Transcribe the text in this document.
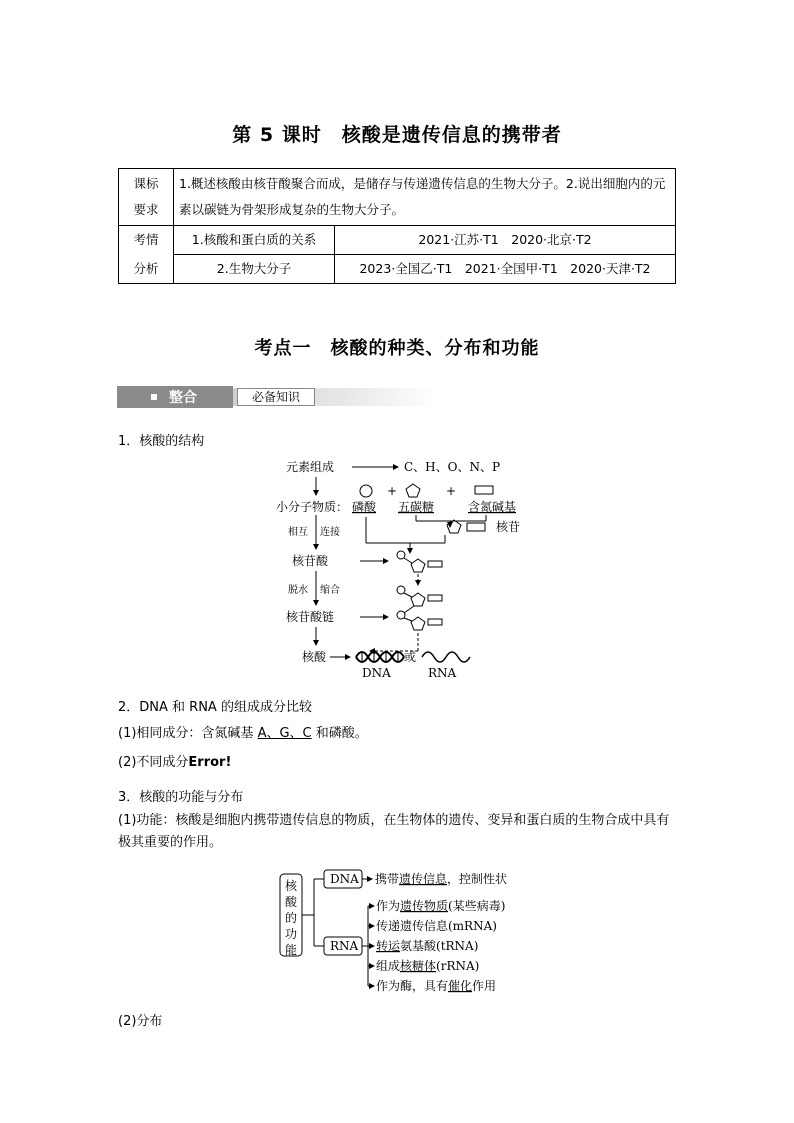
第 5 课时　核酸是遗传信息的携带者
课标
要求	1.概述核酸由核苷酸聚合而成，是储存与传递遗传信息的生物大分子。2.说出细胞内的元素以碳链为骨架形成复杂的生物大分子。	
考情	1.核酸和蛋白质的关系	2021·江苏·T1　2020·北京·T2
分析	2.生物大分子	2023·全国乙·T1　2021·全国甲·T1　2020·天津·T2
考点一　核酸的种类、分布和功能
整合	必备知识
1．核酸的结构
元素组成	C、H、O、N、P
+	+
小分子物质： 磷酸 五碳糖	含氮碱基
核苷
相互 连接
核苷酸
脱水 缩合
核苷酸链
核酸	或
DNA	RNA
2．DNA 和 RNA 的组成成分比较
(1)相同成分：含氮碱基 A、G、C 和磷酸。
(2)不同成分Error!
3．核酸的功能与分布
(1)功能：核酸是细胞内携带遗传信息的物质，在生物体的遗传、变异和蛋白质的生物合成中具有极其重要的作用。
核
酸
的
功
能
DNA 携带遗传信息，控制性状
RNA
作为遗传物质(某些病毒)
传递遗传信息(mRNA)
转运氨基酸(tRNA)
组成核糖体(rRNA)
作为酶，具有催化作用
(2)分布
